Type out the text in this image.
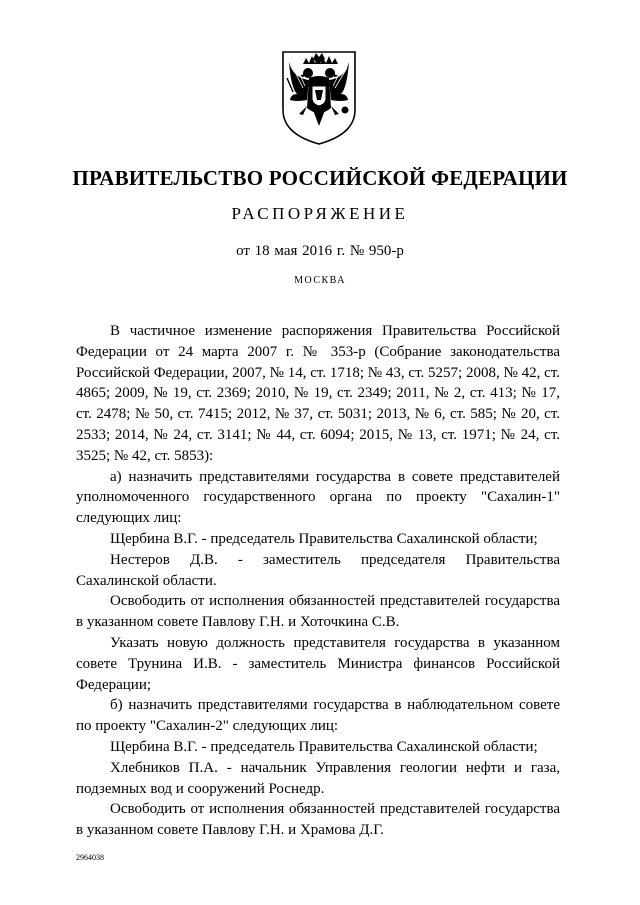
ПРАВИТЕЛЬСТВО РОССИЙСКОЙ ФЕДЕРАЦИИ
РАСПОРЯЖЕНИЕ
от 18 мая 2016 г. № 950-р
МОСКВА

В частичное изменение распоряжения Правительства Российской Федерации от 24 марта 2007 г. № 353-р (Собрание законодательства Российской Федерации, 2007, № 14, ст. 1718; № 43, ст. 5257; 2008, № 42, ст. 4865; 2009, № 19, ст. 2369; 2010, № 19, ст. 2349; 2011, № 2, ст. 413; № 17, ст. 2478; № 50, ст. 7415; 2012, № 37, ст. 5031; 2013, № 6, ст. 585; № 20, ст. 2533; 2014, № 24, ст. 3141; № 44, ст. 6094; 2015, № 13, ст. 1971; № 24, ст. 3525; № 42, ст. 5853):

а) назначить представителями государства в совете представителей уполномоченного государственного органа по проекту "Сахалин-1" следующих лиц:

Щербина В.Г. - председатель Правительства Сахалинской области;

Нестеров Д.В. - заместитель председателя Правительства Сахалинской области.

Освободить от исполнения обязанностей представителей государства в указанном совете Павлову Г.Н. и Хоточкина С.В.

Указать новую должность представителя государства в указанном совете Трунина И.В. - заместитель Министра финансов Российской Федерации;

б) назначить представителями государства в наблюдательном совете по проекту "Сахалин-2" следующих лиц:

Щербина В.Г. - председатель Правительства Сахалинской области;

Хлебников П.А. - начальник Управления геологии нефти и газа, подземных вод и сооружений Роснедр.

Освободить от исполнения обязанностей представителей государства в указанном совете Павлову Г.Н. и Храмова Д.Г.

2964038
